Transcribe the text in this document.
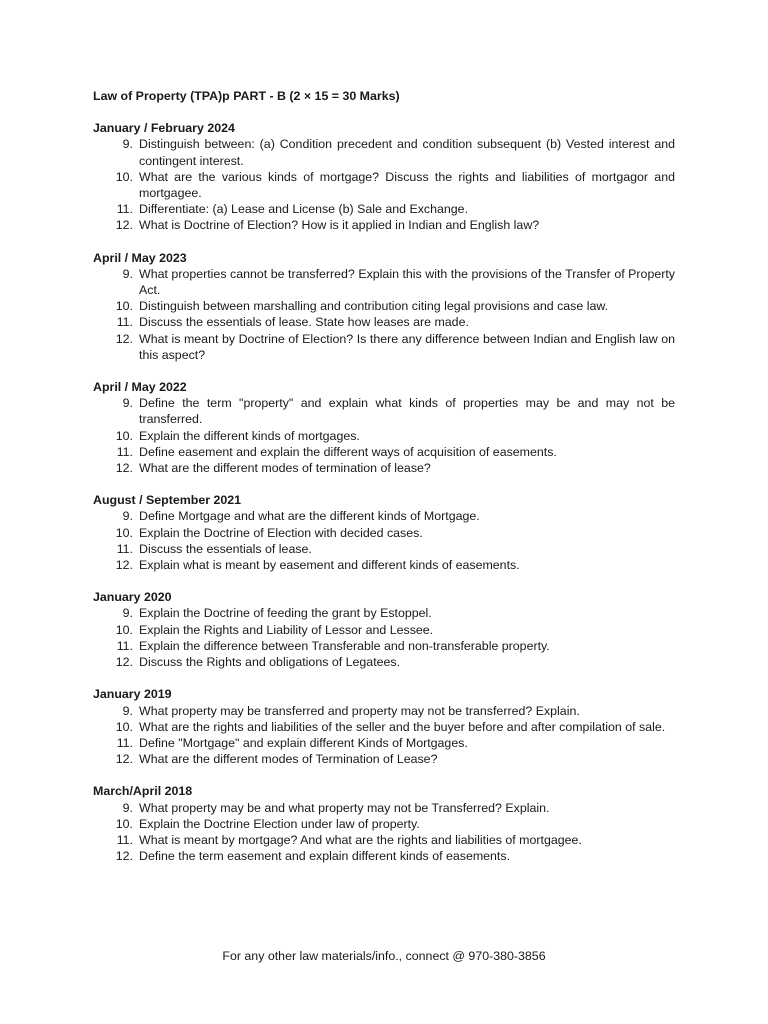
Law of Property (TPA)p PART - B (2 × 15 = 30 Marks)
January / February 2024
9. Distinguish between: (a) Condition precedent and condition subsequent (b) Vested interest and contingent interest.
10. What are the various kinds of mortgage? Discuss the rights and liabilities of mortgagor and mortgagee.
11. Differentiate: (a) Lease and License (b) Sale and Exchange.
12. What is Doctrine of Election? How is it applied in Indian and English law?
April / May 2023
9. What properties cannot be transferred? Explain this with the provisions of the Transfer of Property Act.
10. Distinguish between marshalling and contribution citing legal provisions and case law.
11. Discuss the essentials of lease. State how leases are made.
12. What is meant by Doctrine of Election? Is there any difference between Indian and English law on this aspect?
April / May 2022
9. Define the term "property" and explain what kinds of properties may be and may not be transferred.
10. Explain the different kinds of mortgages.
11. Define easement and explain the different ways of acquisition of easements.
12. What are the different modes of termination of lease?
August / September 2021
9. Define Mortgage and what are the different kinds of Mortgage.
10. Explain the Doctrine of Election with decided cases.
11. Discuss the essentials of lease.
12. Explain what is meant by easement and different kinds of easements.
January 2020
9. Explain the Doctrine of feeding the grant by Estoppel.
10. Explain the Rights and Liability of Lessor and Lessee.
11. Explain the difference between Transferable and non-transferable property.
12. Discuss the Rights and obligations of Legatees.
January 2019
9. What property may be transferred and property may not be transferred? Explain.
10. What are the rights and liabilities of the seller and the buyer before and after compilation of sale.
11. Define "Mortgage" and explain different Kinds of Mortgages.
12. What are the different modes of Termination of Lease?
March/April 2018
9. What property may be and what property may not be Transferred? Explain.
10. Explain the Doctrine Election under law of property.
11. What is meant by mortgage? And what are the rights and liabilities of mortgagee.
12. Define the term easement and explain different kinds of easements.
For any other law materials/info., connect @ 970-380-3856
